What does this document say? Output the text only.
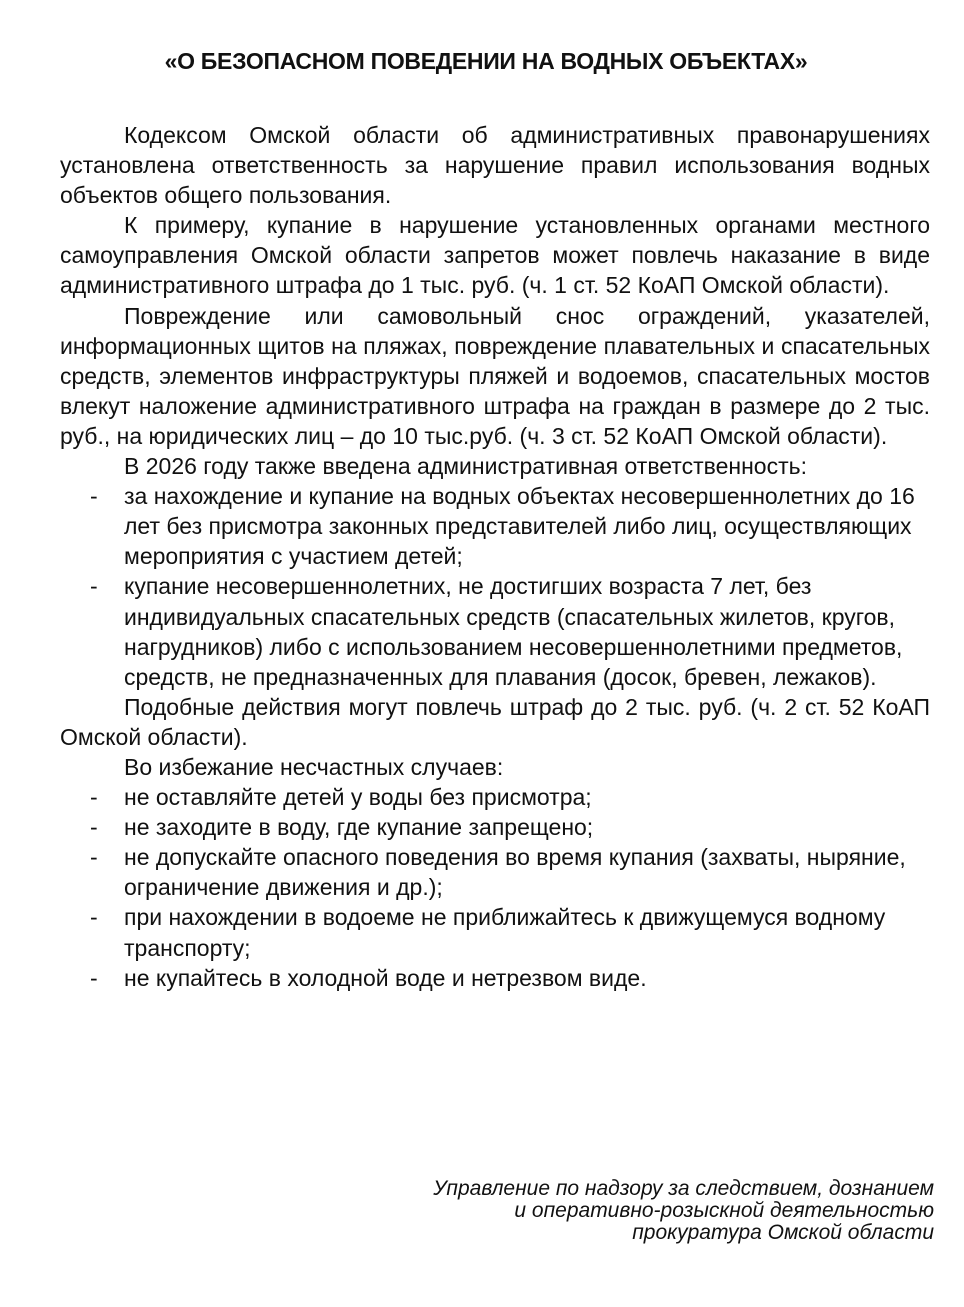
«О БЕЗОПАСНОМ ПОВЕДЕНИИ НА ВОДНЫХ ОБЪЕКТАХ»

Кодексом Омской области об административных правонарушениях установлена ответственность за нарушение правил использования водных объектов общего пользования.

К примеру, купание в нарушение установленных органами местного самоуправления Омской области запретов может повлечь наказание в виде административного штрафа до 1 тыс. руб. (ч. 1 ст. 52 КоАП Омской области).

Повреждение или самовольный снос ограждений, указателей, информационных щитов на пляжах, повреждение плавательных и спасательных средств, элементов инфраструктуры пляжей и водоемов, спасательных мостов влекут наложение административного штрафа на граждан в размере до 2 тыс. руб., на юридических лиц – до 10 тыс.руб. (ч. 3 ст. 52 КоАП Омской области).

В 2026 году также введена административная ответственность:

- за нахождение и купание на водных объектах несовершеннолетних до 16 лет без присмотра законных представителей либо лиц, осуществляющих мероприятия с участием детей;
- купание несовершеннолетних, не достигших возраста 7 лет, без индивидуальных спасательных средств (спасательных жилетов, кругов, нагрудников) либо с использованием несовершеннолетними предметов, средств, не предназначенных для плавания (досок, бревен, лежаков).

Подобные действия могут повлечь штраф до 2 тыс. руб. (ч. 2 ст. 52 КоАП Омской области).

Во избежание несчастных случаев:

- не оставляйте детей у воды без присмотра;
- не заходите в воду, где купание запрещено;
- не допускайте опасного поведения во время купания (захваты, ныряние, ограничение движения и др.);
- при нахождении в водоеме не приближайтесь к движущемуся водному транспорту;
- не купайтесь в холодной воде и нетрезвом виде.
Управление по надзору за следствием, дознанием
и оперативно-розыскной деятельностью
прокуратура Омской области
